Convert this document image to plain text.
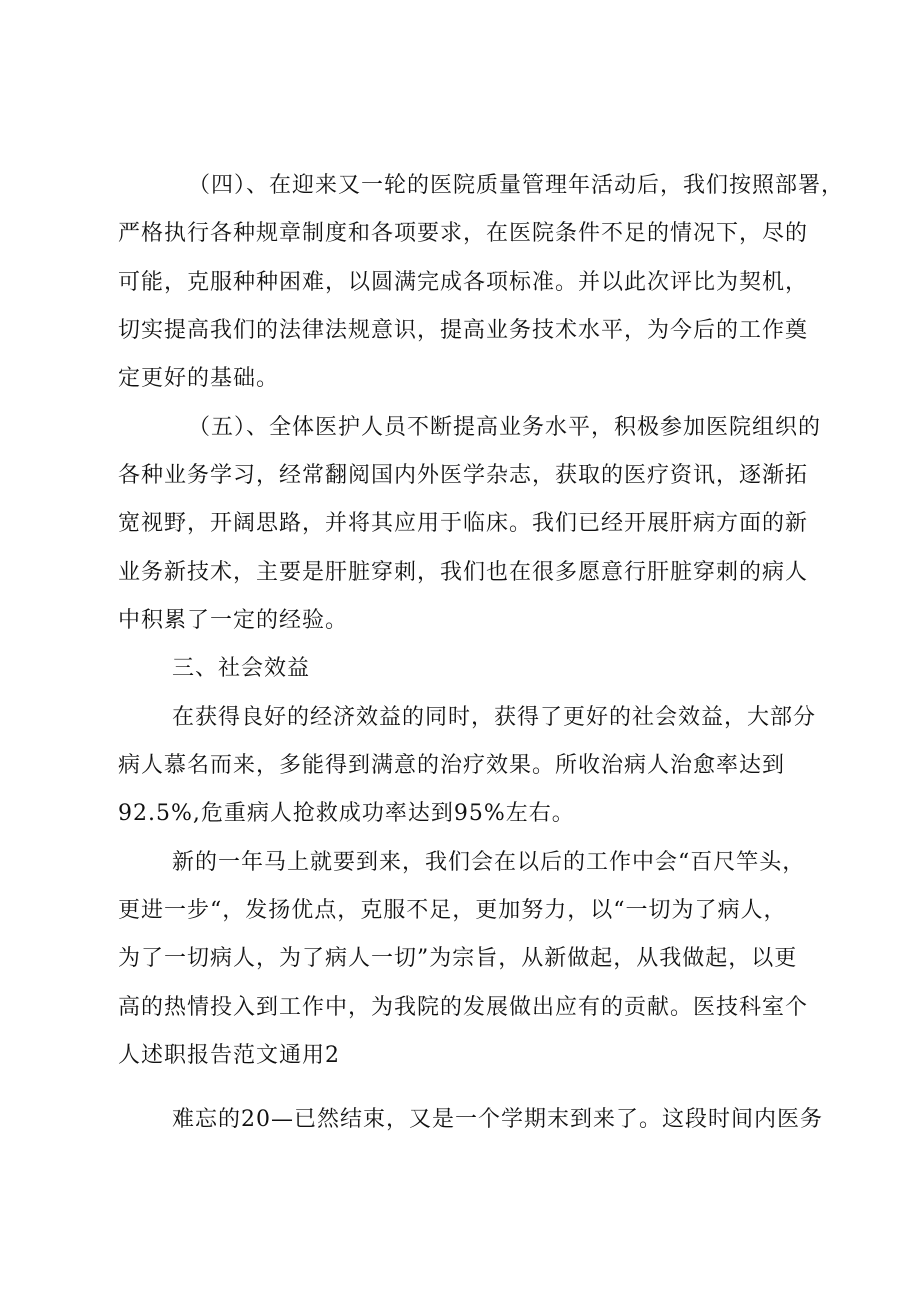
（四）、在迎来又一轮的医院质量管理年活动后，我们按照部署，
严格执行各种规章制度和各项要求，在医院条件不足的情况下，尽的
可能，克服种种困难，以圆满完成各项标准。并以此次评比为契机，
切实提高我们的法律法规意识，提高业务技术水平，为今后的工作奠
定更好的基础。
（五）、全体医护人员不断提高业务水平，积极参加医院组织的
各种业务学习，经常翻阅国内外医学杂志，获取的医疗资讯，逐渐拓
宽视野，开阔思路，并将其应用于临床。我们已经开展肝病方面的新
业务新技术，主要是肝脏穿刺，我们也在很多愿意行肝脏穿刺的病人
中积累了一定的经验。
三、社会效益
在获得良好的经济效益的同时，获得了更好的社会效益，大部分
病人慕名而来，多能得到满意的治疗效果。所收治病人治愈率达到
92.5%,危重病人抢救成功率达到95%左右。
新的一年马上就要到来，我们会在以后的工作中会“百尺竿头，
更进一步“，发扬优点，克服不足，更加努力，以“一切为了病人，
为了一切病人，为了病人一切”为宗旨，从新做起，从我做起，以更
高的热情投入到工作中，为我院的发展做出应有的贡献。医技科室个
人述职报告范文通用2
难忘的20—已然结束，又是一个学期末到来了。这段时间内医务
